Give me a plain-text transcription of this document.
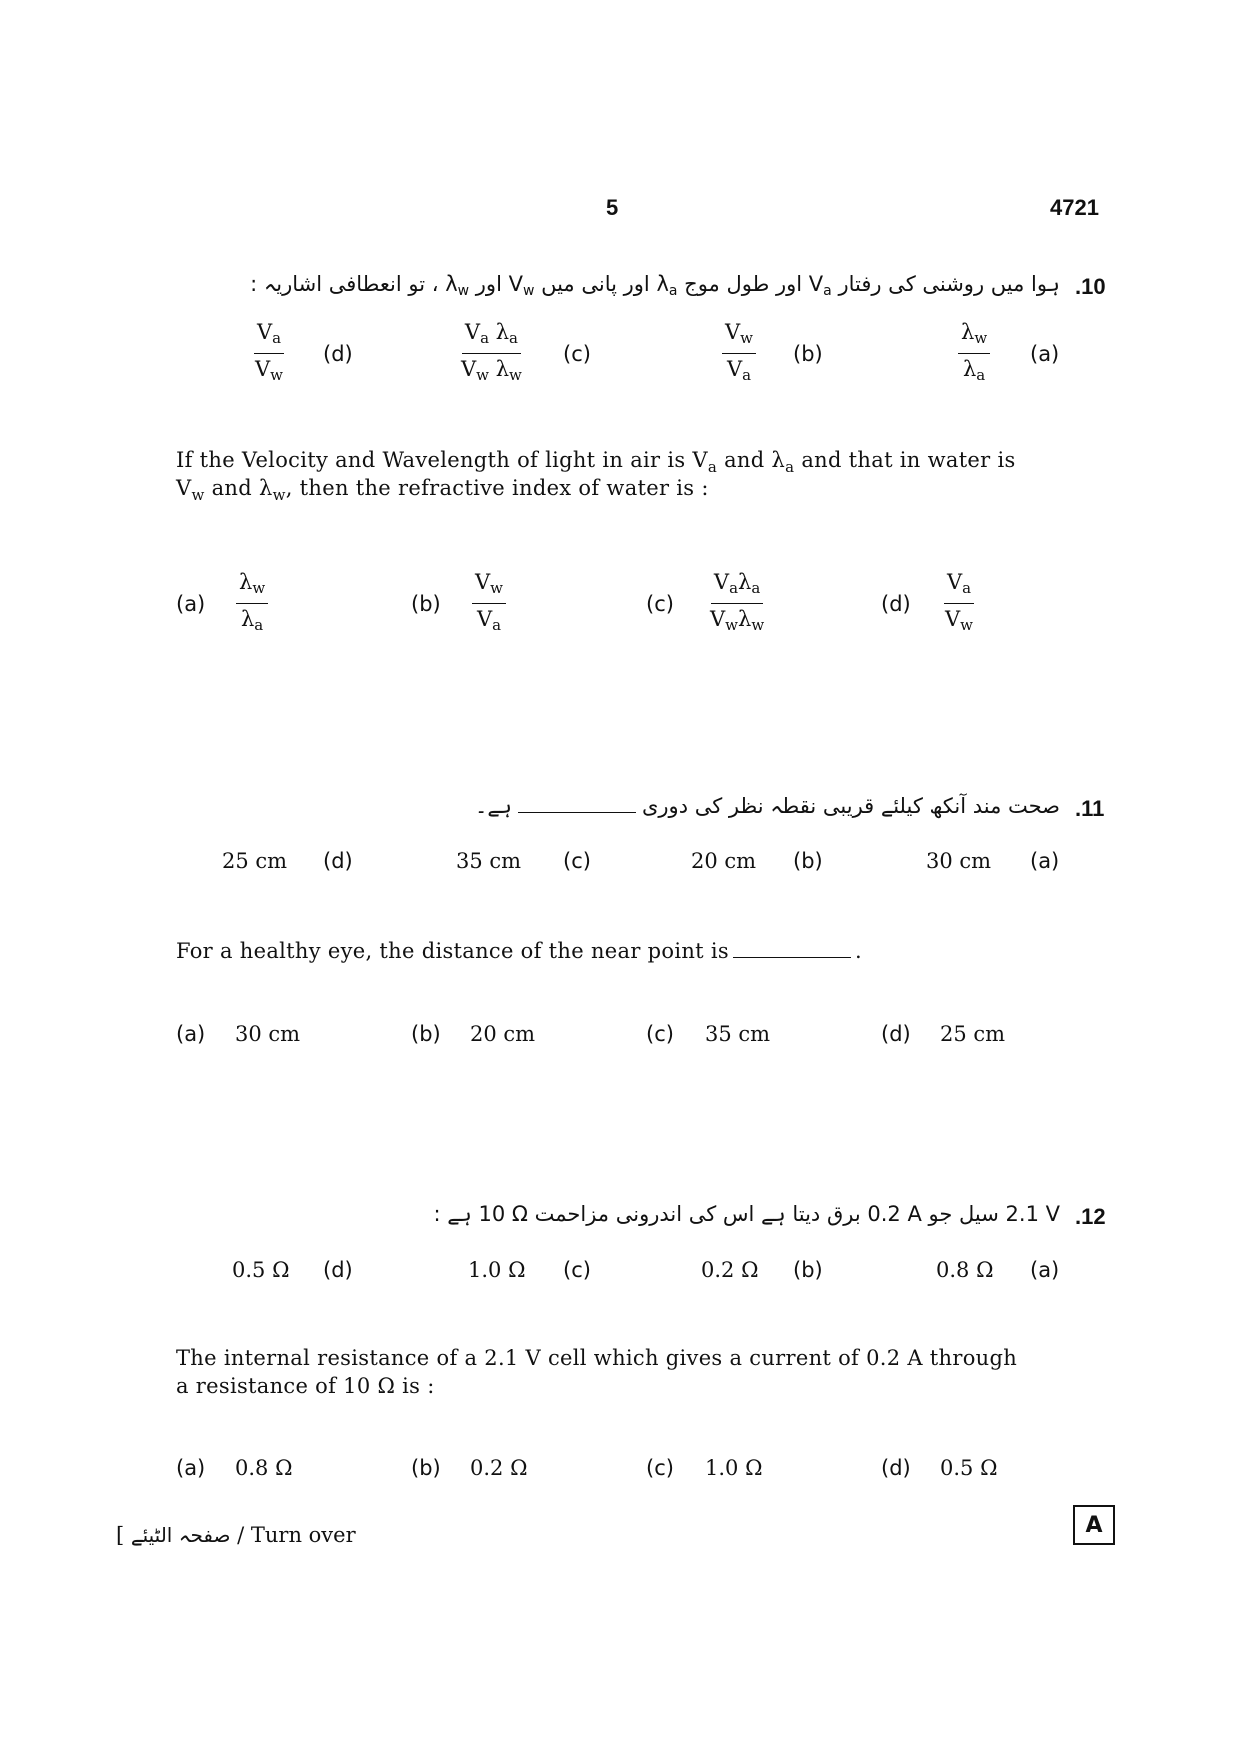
5	4721
.10
ہوا میں روشنی کی رفتار $V_a$ اور طول موج $\lambda_a$ اور پانی میں $V_w$ اور $\lambda_w$ ، تو انعطافی اشاریہ :
(a)
$\frac{\lambda_w}{\lambda_a}$
(b)
$\frac{V_w}{V_a}$
(c)
$\frac{V_a \lambda_a}{V_w \lambda_w}$
(d)
$\frac{V_a}{V_w}$
If the Velocity and Wavelength of light in air is $V_a$ and $\lambda_a$ and that in water is
$V_w$ and $\lambda_w$, then the refractive index of water is :
$(a) \frac{\lambda_w}{\lambda_a}$	$(b) \frac{V_w}{V_a}$	(c)
$V_a\lambda_a$
$V_w\lambda_w$
$(d) \frac{V_a}{V_w}$
.11
صحت مند آنکھ کیلئے قریبی نقطہ نظر کی دوریہے۔
(a)
30 cm
(b)
20 cm
(c)
35 cm
(d)
25 cm
For a healthy eye, the distance of the near point is	.
(a) 30 cm	(b) 20 cm	(c) 35 cm	(d) 25 cm
.12
2.1 V سیل جو 0.2 A برق دیتا ہے اس کی اندرونی مزاحمت 10 Ω ہے :
(a)
0.8 Ω
(b)
0.2 Ω
(c)
1.0 Ω
(d)
0.5 Ω
The internal resistance of a 2.1 V cell which gives a current of 0.2 A through
a resistance of 10 Ω is :
(a) 0.8 Ω	(b) 0.2 Ω	(c) 1.0 Ω	(d) 0.5 Ω
[ صفحہ الٹیئے / Turn over	A
